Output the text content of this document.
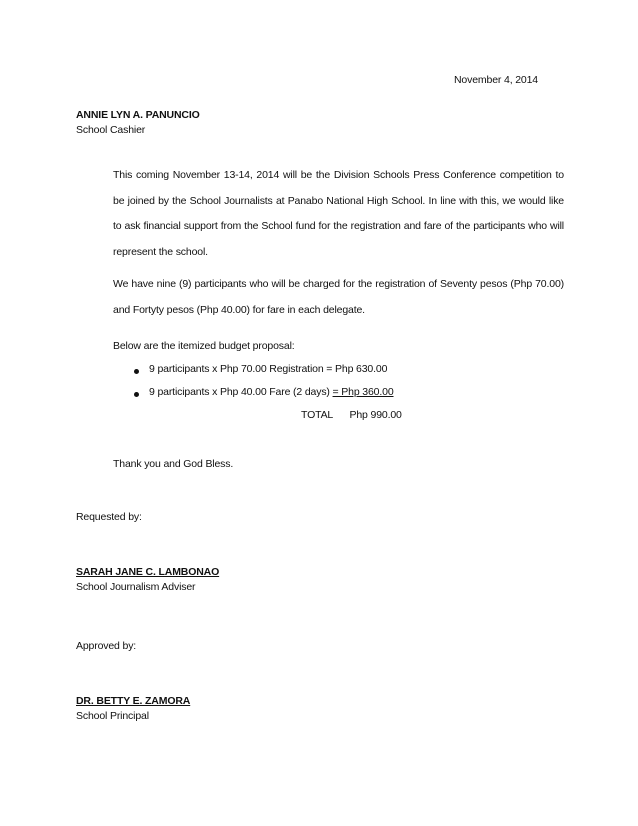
November 4, 2014
ANNIE LYN A. PANUNCIO
School Cashier
This coming November 13-14, 2014 will be the Division Schools Press Conference competition to be joined by the School Journalists at Panabo National High School. In line with this, we would like to ask financial support from the School fund for the registration and fare of the participants who will represent the school.
We have nine (9) participants who will be charged for the registration of Seventy pesos (Php 70.00) and Fortyty pesos (Php 40.00) for fare in each delegate.
Below are the itemized budget proposal:
9 participants x Php 70.00 Registration = Php 630.00
9 participants x Php 40.00 Fare (2 days) = Php 360.00
TOTAL Php 990.00
Thank you and God Bless.
Requested by:
SARAH JANE C. LAMBONAO
School Journalism Adviser
Approved by:
DR. BETTY E. ZAMORA
School Principal
